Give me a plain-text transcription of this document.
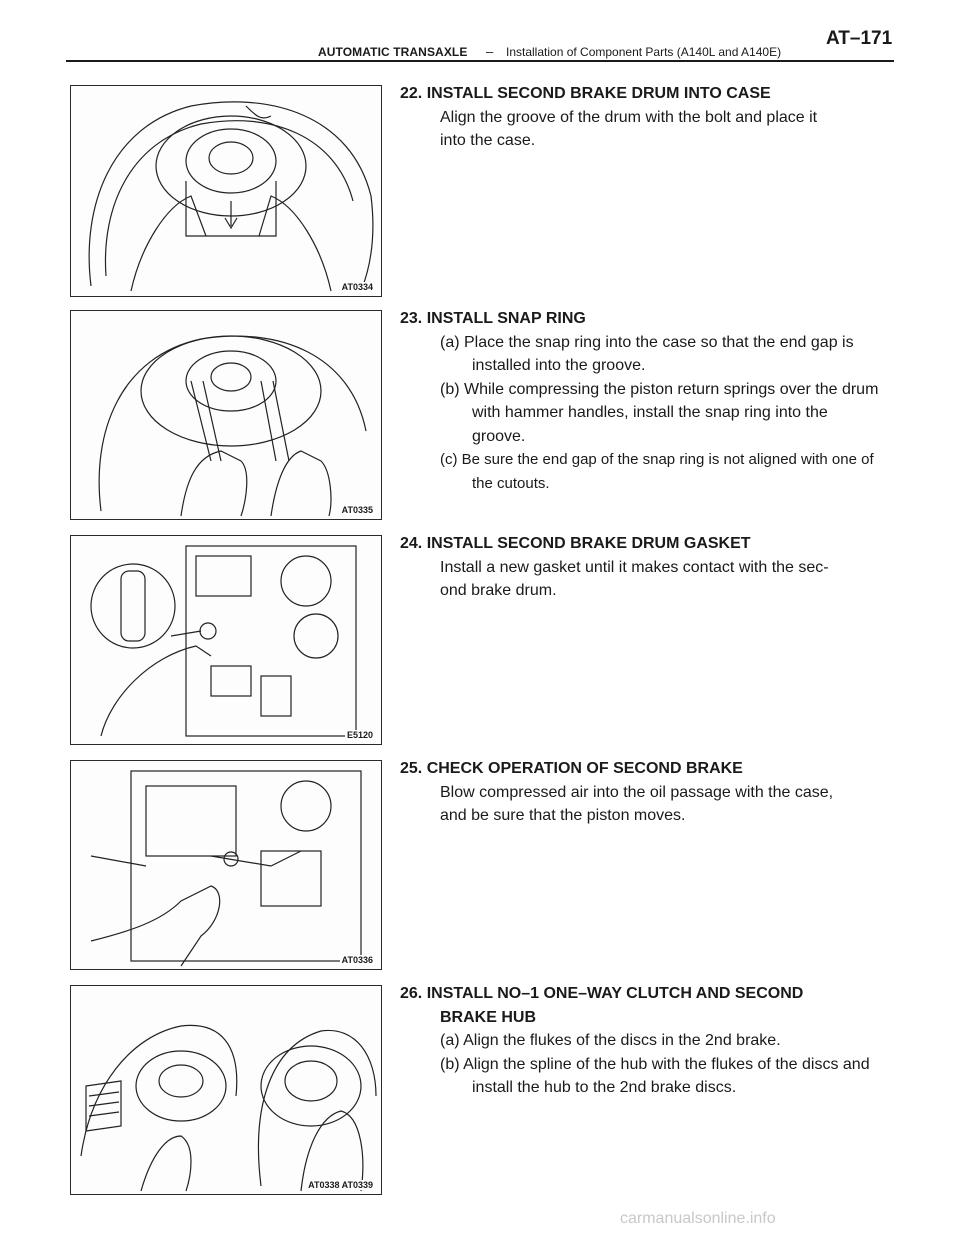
AUTOMATIC TRANSAXLE – Installation of Component Parts (A140L and A140E)
AT–171
AT0334
22. INSTALL SECOND BRAKE DRUM INTO CASE
Align the groove of the drum with the bolt and place it
into the case.
AT0335
23. INSTALL SNAP RING
(a) Place the snap ring into the case so that the end gap is installed into the groove.
(b) While compressing the piston return springs over the drum with hammer handles, install the snap ring into the groove.
(c) Be sure the end gap of the snap ring is not aligned with one of the cutouts.
E5120
24. INSTALL SECOND BRAKE DRUM GASKET
Install a new gasket until it makes contact with the sec-
ond brake drum.
AT0336
25. CHECK OPERATION OF SECOND BRAKE
Blow compressed air into the oil passage with the case,
and be sure that the piston moves.
AT0338 AT0339
26. INSTALL NO–1 ONE–WAY CLUTCH AND SECOND
BRAKE HUB
(a) Align the flukes of the discs in the 2nd brake.
(b) Align the spline of the hub with the flukes of the discs and install the hub to the 2nd brake discs.
carmanualsonline.info
